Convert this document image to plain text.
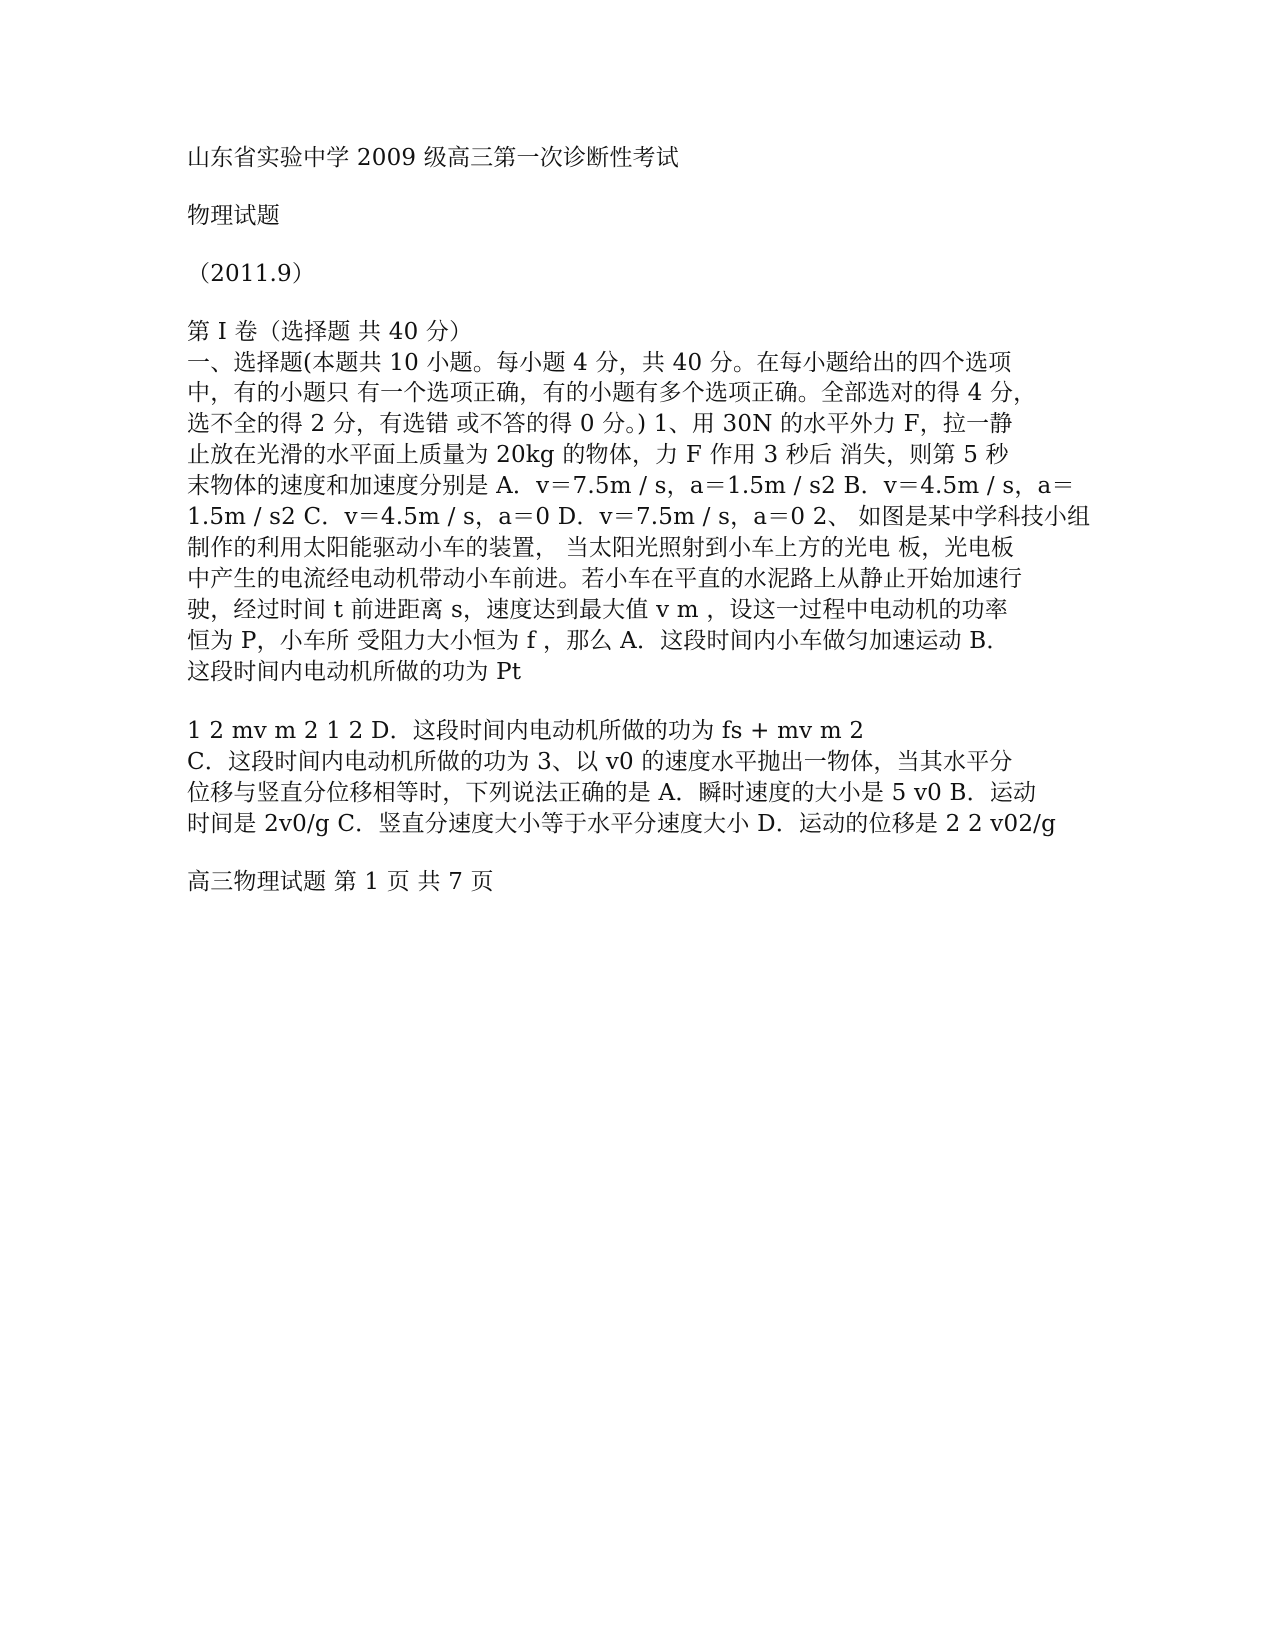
山东省实验中学 2009 级高三第一次诊断性考试

物理试题

（2011.9）

第 I 卷（选择题 共 40 分）

一、选择题(本题共 10 小题。每小题 4 分，共 40 分。在每小题给出的四个选项

中，有的小题只 有一个选项正确，有的小题有多个选项正确。全部选对的得 4 分，

选不全的得 2 分，有选错 或不答的得 0 分。) 1、用 30N 的水平外力 F，拉一静

止放在光滑的水平面上质量为 20kg 的物体，力 F 作用 3 秒后 消失，则第 5 秒

末物体的速度和加速度分别是 A．v＝7.5m / s，a＝1.5m / s2 B．v＝4.5m / s，a＝

1.5m / s2 C．v＝4.5m / s，a＝0 D．v＝7.5m / s，a＝0 2、 如图是某中学科技小组

制作的利用太阳能驱动小车的装置， 当太阳光照射到小车上方的光电 板，光电板

中产生的电流经电动机带动小车前进。若小车在平直的水泥路上从静止开始加速行

驶，经过时间 t 前进距离 s，速度达到最大值 v m ，设这一过程中电动机的功率

恒为 P，小车所 受阻力大小恒为 f ，那么 A．这段时间内小车做匀加速运动 B．

这段时间内电动机所做的功为 Pt

1 2 mv m 2 1 2 D．这段时间内电动机所做的功为 fs + mv m 2

C．这段时间内电动机所做的功为 3、以 v0 的速度水平抛出一物体，当其水平分

位移与竖直分位移相等时，下列说法正确的是 A．瞬时速度的大小是 5 v0 B．运动

时间是 2v0/g C．竖直分速度大小等于水平分速度大小 D．运动的位移是 2 2 v02/g

高三物理试题 第 1 页 共 7 页
